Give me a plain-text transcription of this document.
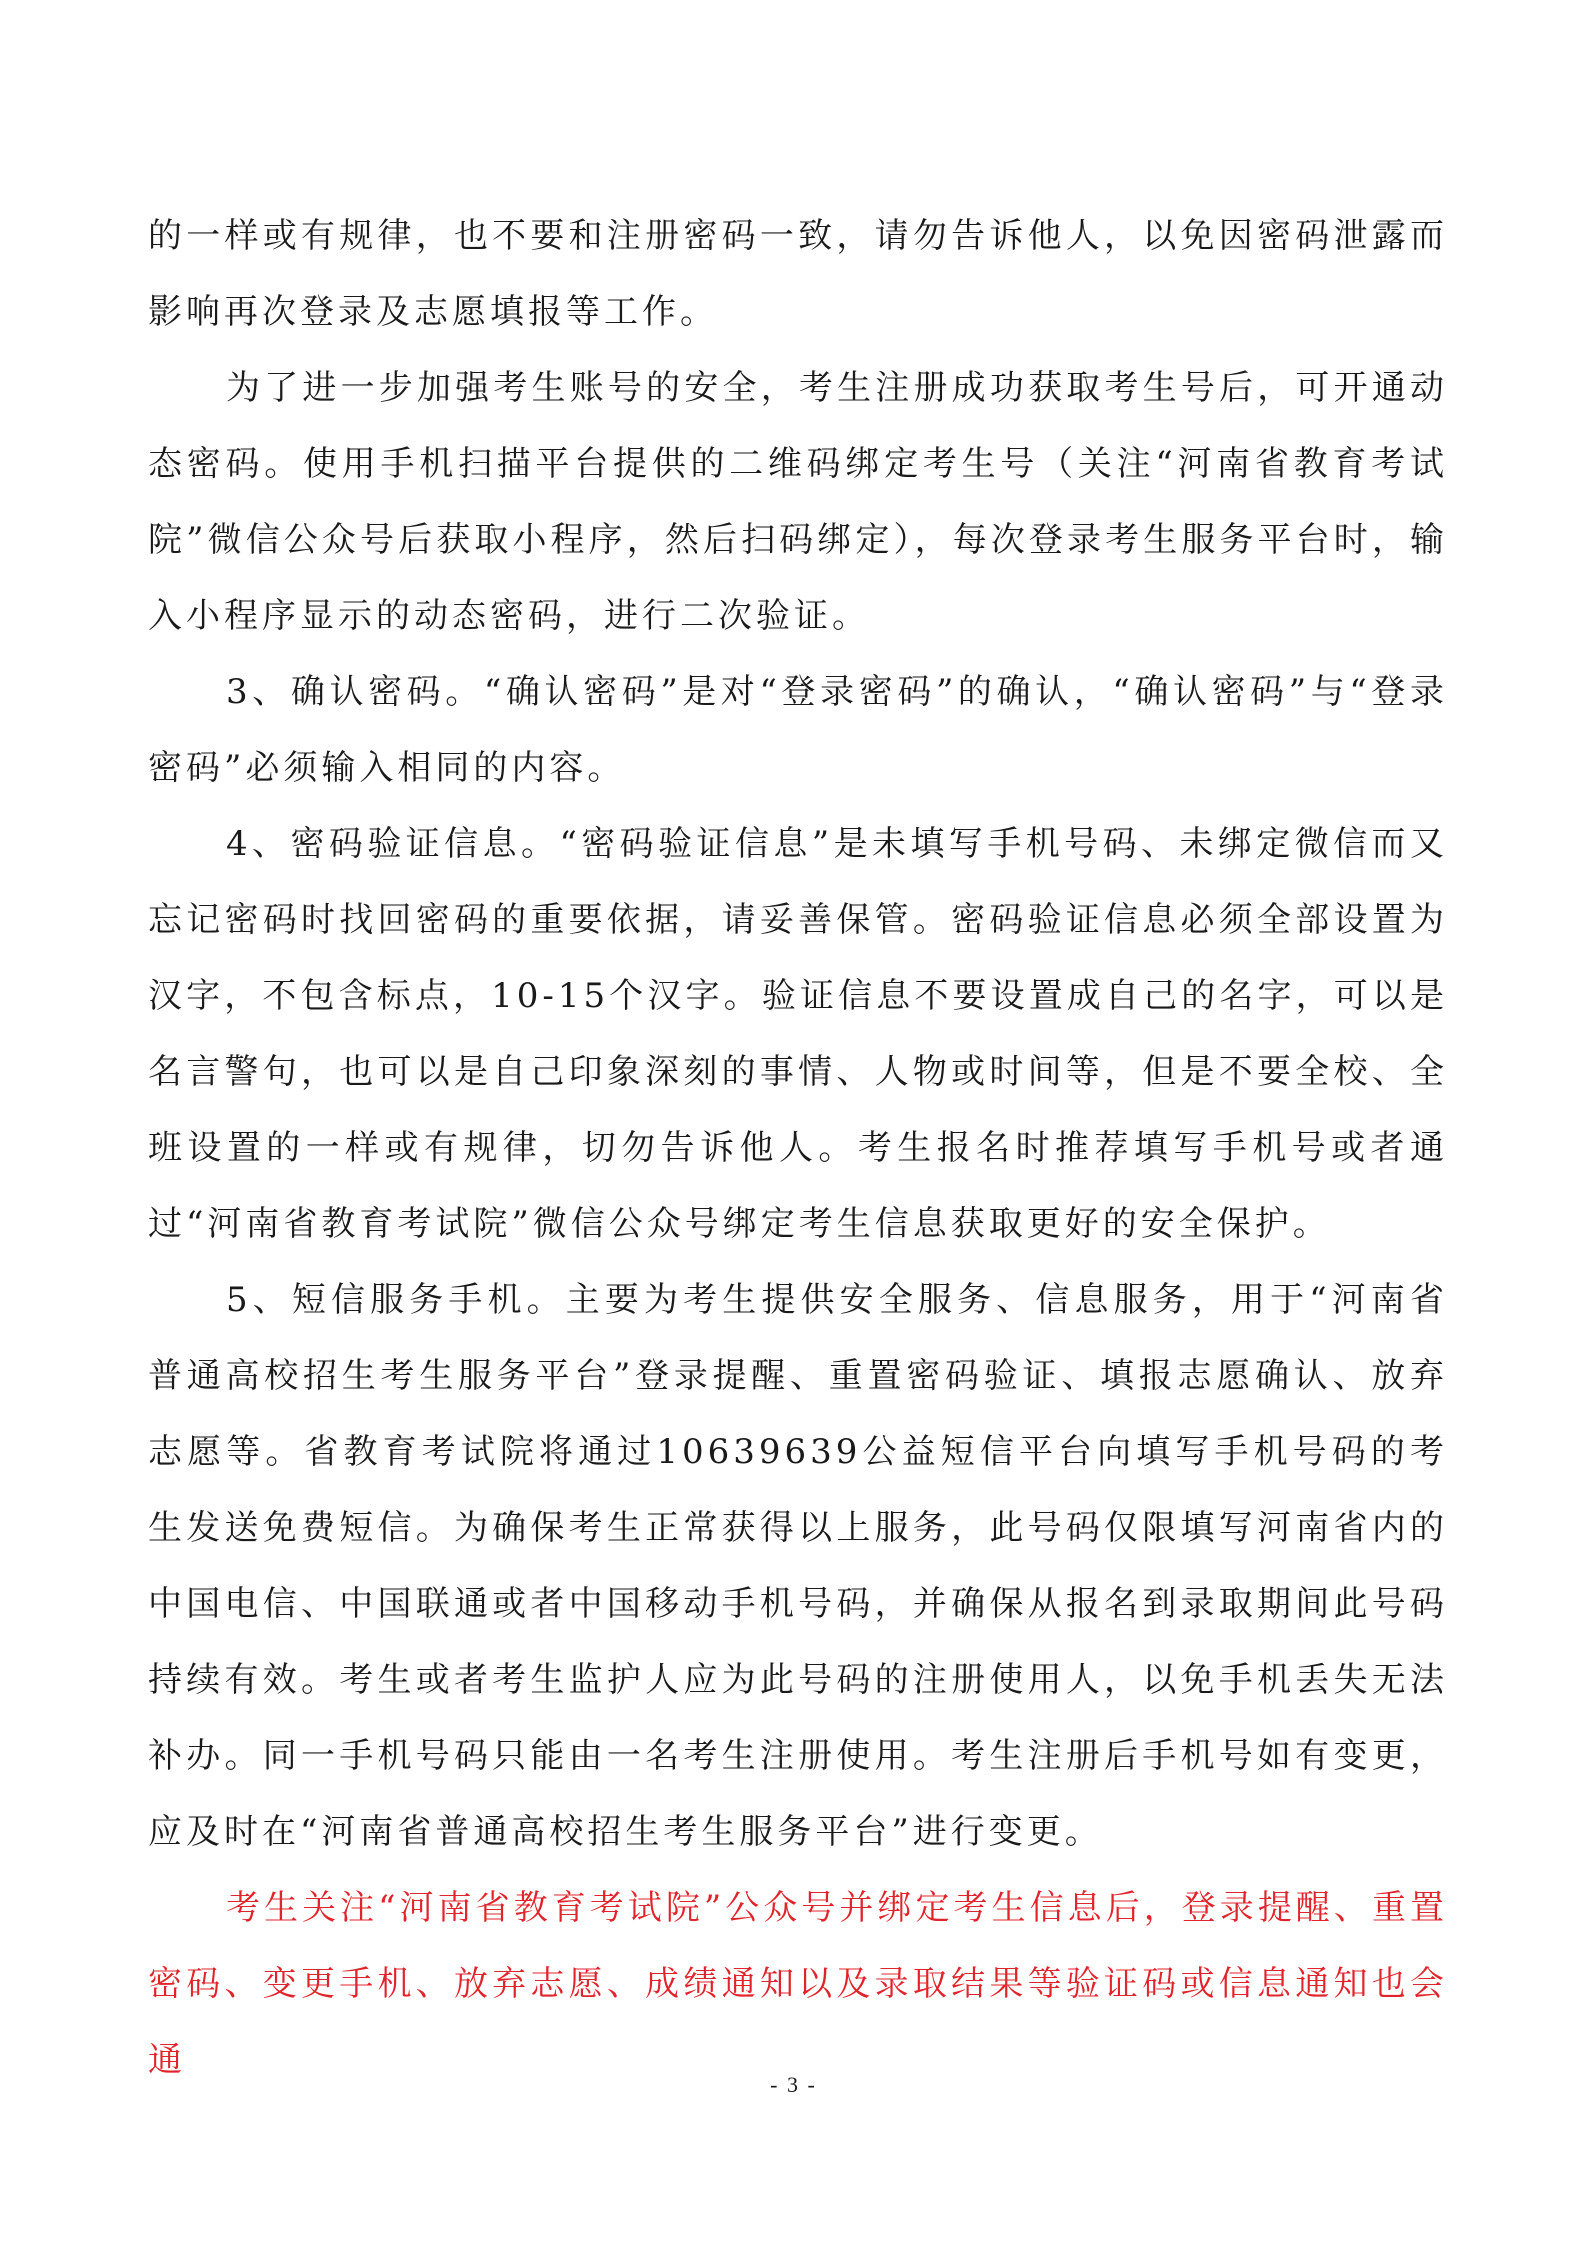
的一样或有规律，也不要和注册密码一致，请勿告诉他人，以免因密码泄露而影响再次登录及志愿填报等工作。

为了进一步加强考生账号的安全，考生注册成功获取考生号后，可开通动态密码。使用手机扫描平台提供的二维码绑定考生号（关注“河南省教育考试院”微信公众号后获取小程序，然后扫码绑定），每次登录考生服务平台时，输入小程序显示的动态密码，进行二次验证。

3、确认密码。“确认密码”是对“登录密码”的确认，“确认密码”与“登录密码”必须输入相同的内容。

4、密码验证信息。“密码验证信息”是未填写手机号码、未绑定微信而又忘记密码时找回密码的重要依据，请妥善保管。密码验证信息必须全部设置为汉字，不包含标点，10-15个汉字。验证信息不要设置成自己的名字，可以是名言警句，也可以是自己印象深刻的事情、人物或时间等，但是不要全校、全班设置的一样或有规律，切勿告诉他人。考生报名时推荐填写手机号或者通过“河南省教育考试院”微信公众号绑定考生信息获取更好的安全保护。

5、短信服务手机。主要为考生提供安全服务、信息服务，用于“河南省普通高校招生考生服务平台”登录提醒、重置密码验证、填报志愿确认、放弃志愿等。省教育考试院将通过10639639公益短信平台向填写手机号码的考生发送免费短信。为确保考生正常获得以上服务，此号码仅限填写河南省内的中国电信、中国联通或者中国移动手机号码，并确保从报名到录取期间此号码持续有效。考生或者考生监护人应为此号码的注册使用人，以免手机丢失无法补办。同一手机号码只能由一名考生注册使用。考生注册后手机号如有变更，应及时在“河南省普通高校招生考生服务平台”进行变更。

考生关注“河南省教育考试院”公众号并绑定考生信息后，登录提醒、重置密码、变更手机、放弃志愿、成绩通知以及录取结果等验证码或信息通知也会通

- 3 -
